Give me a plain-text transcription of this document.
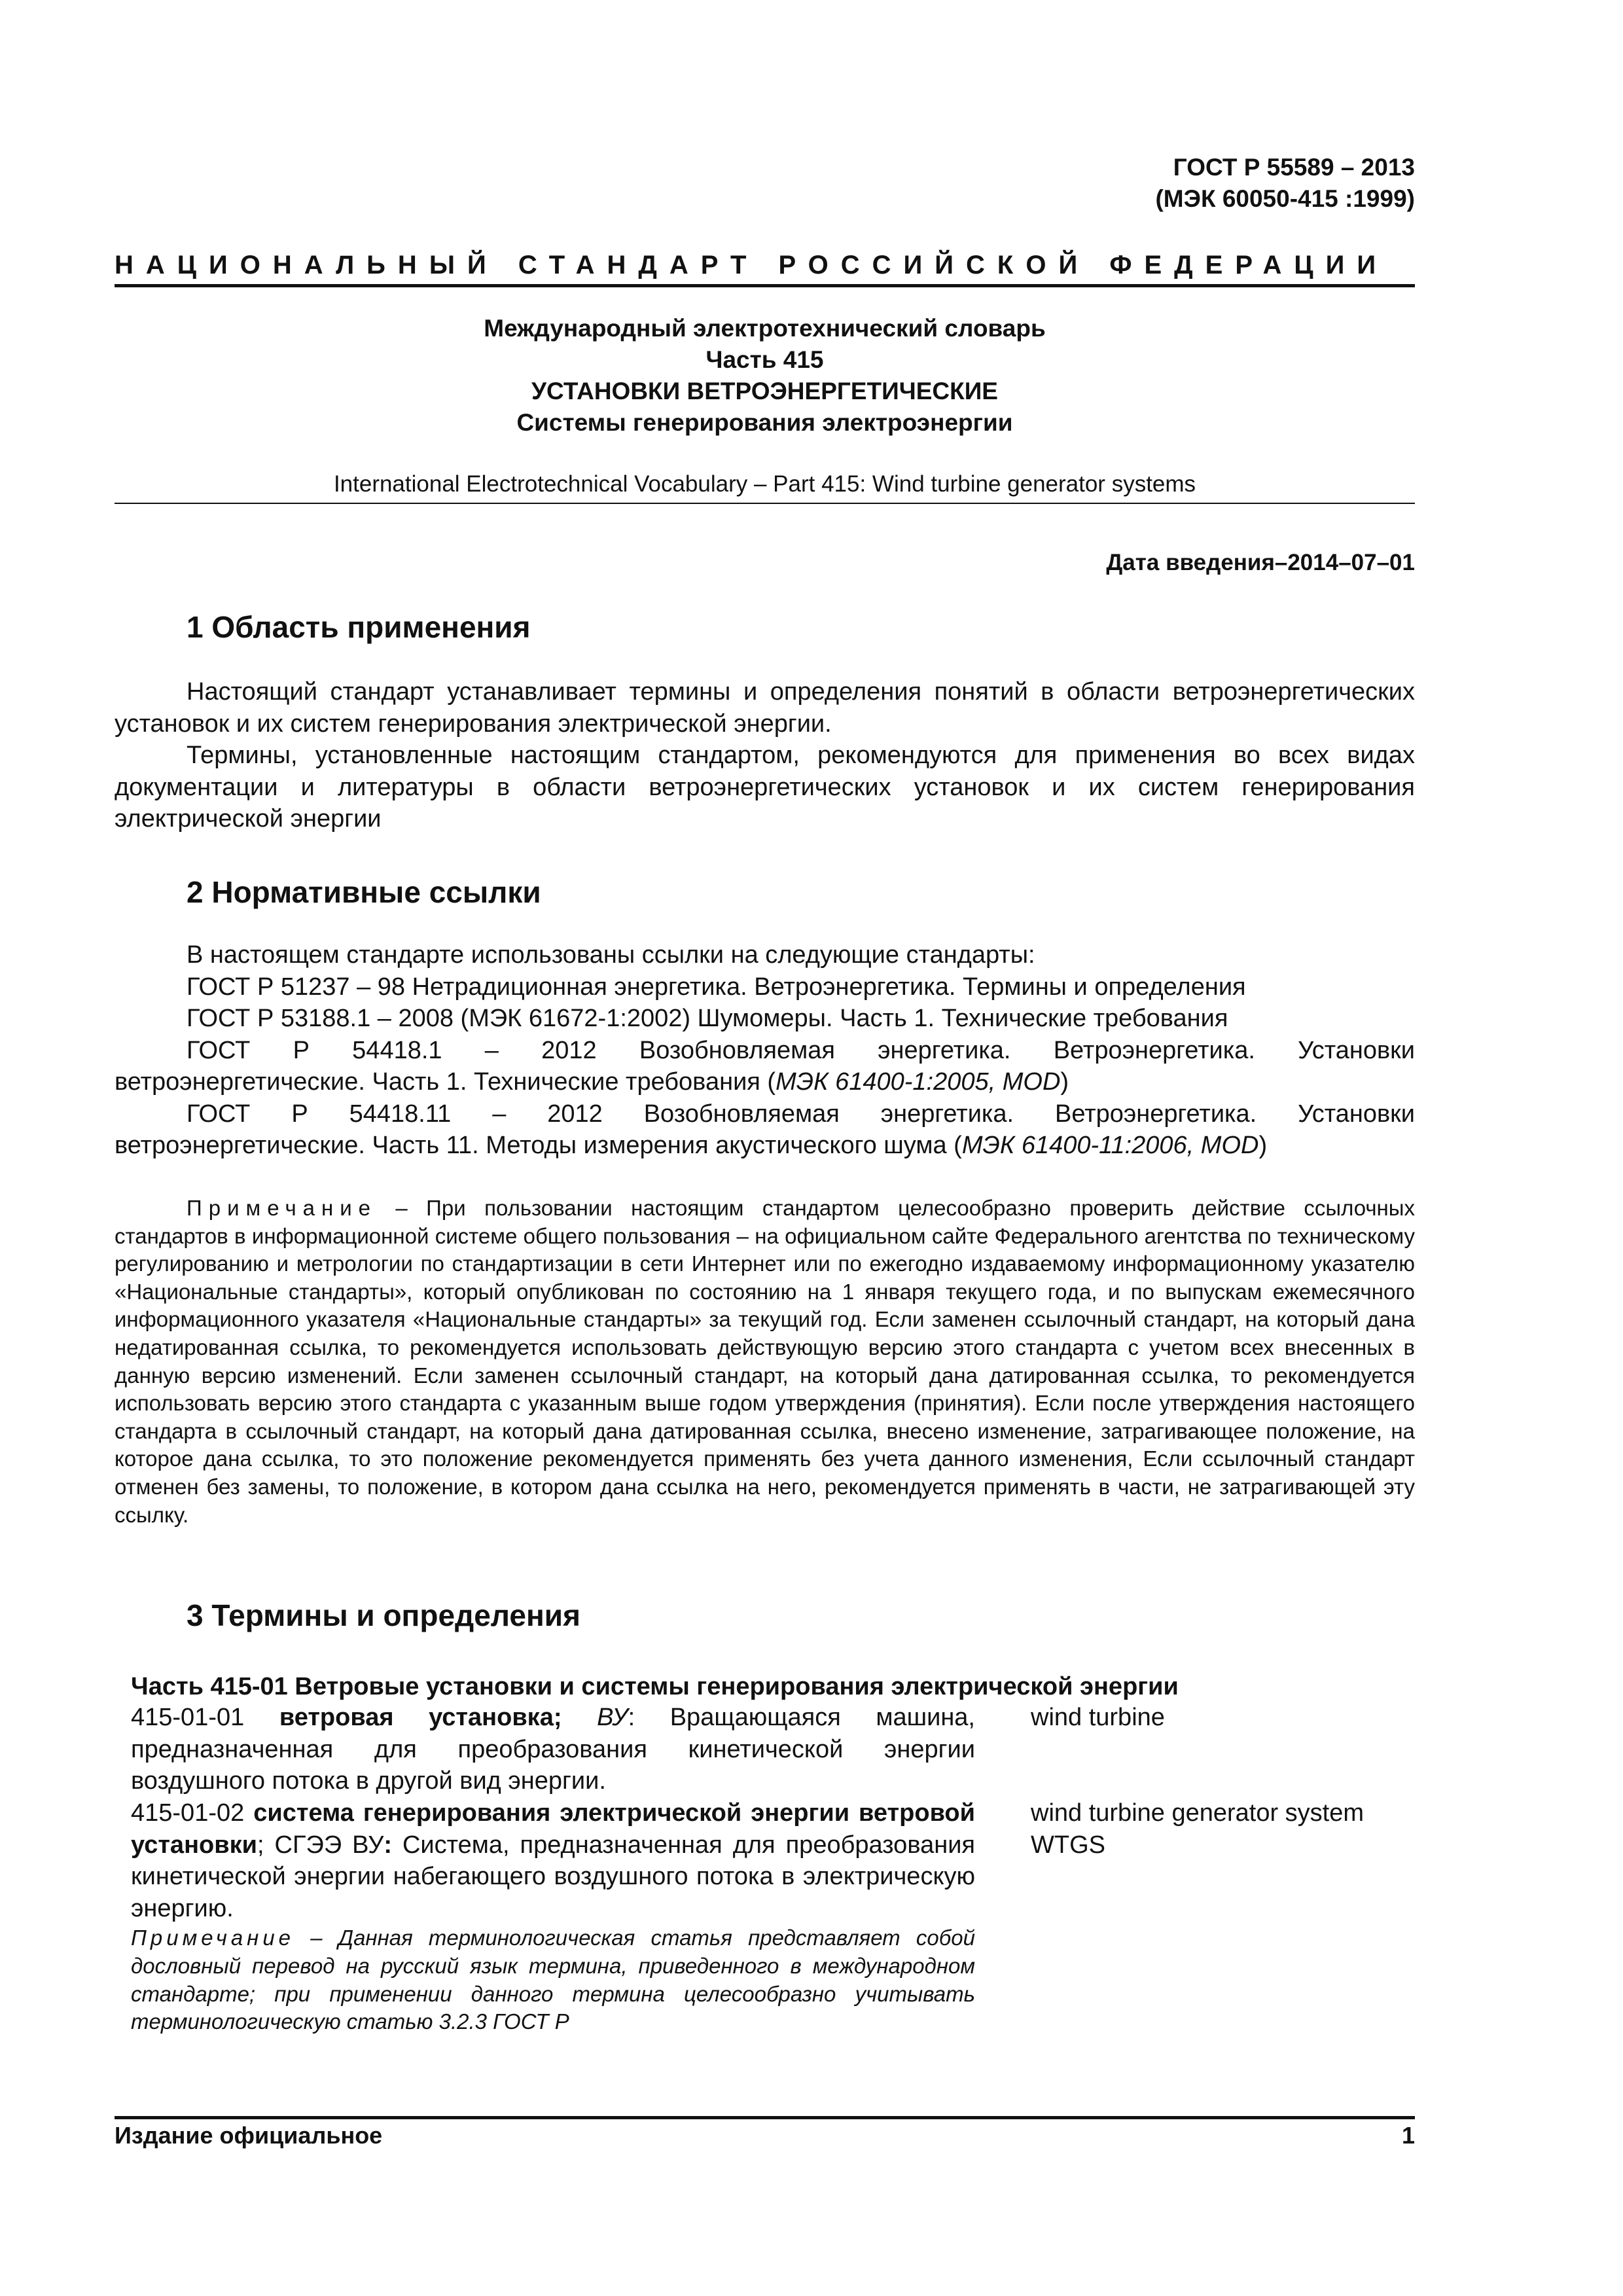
ГОСТ Р 55589 – 2013
(МЭК 60050-415 :1999)
НАЦИОНАЛЬНЫЙ СТАНДАРТ РОССИЙСКОЙ ФЕДЕРАЦИИ
Международный электротехнический словарь
Часть 415
УСТАНОВКИ ВЕТРОЭНЕРГЕТИЧЕСКИЕ
Системы генерирования электроэнергии
International Electrotechnical Vocabulary – Part 415: Wind turbine generator systems
Дата введения–2014–07–01
1 Область применения

Настоящий стандарт устанавливает термины и определения понятий в области ветроэнергетических установок и их систем генерирования электрической энергии.

Термины, установленные настоящим стандартом, рекомендуются для применения во всех видах документации и литературы в области ветроэнергетических установок и их систем генерирования электрической энергии

2 Нормативные ссылки

В настоящем стандарте использованы ссылки на следующие стандарты:

ГОСТ Р 51237 – 98 Нетрадиционная энергетика. Ветроэнергетика. Термины и определения

ГОСТ Р 53188.1 – 2008 (МЭК 61672-1:2002) Шумомеры. Часть 1. Технические требования

ГОСТ Р 54418.1 – 2012 Возобновляемая энергетика. Ветроэнергетика. Установки

ветроэнергетические. Часть 1. Технические требования (МЭК 61400-1:2005, MOD)

ГОСТ Р 54418.11 – 2012 Возобновляемая энергетика. Ветроэнергетика. Установки

ветроэнергетические. Часть 11. Методы измерения акустического шума (МЭК 61400-11:2006, MOD)

Примечание – При пользовании настоящим стандартом целесообразно проверить действие ссылочных стандартов в информационной системе общего пользования – на официальном сайте Федерального агентства по техническому регулированию и метрологии по стандартизации в сети Интернет или по ежегодно издаваемому информационному указателю «Национальные стандарты», который опубликован по состоянию на 1 января текущего года, и по выпускам ежемесячного информационного указателя «Национальные стандарты» за текущий год. Если заменен ссылочный стандарт, на который дана недатированная ссылка, то рекомендуется использовать действующую версию этого стандарта с учетом всех внесенных в данную версию изменений. Если заменен ссылочный стандарт, на который дана датированная ссылка, то рекомендуется использовать версию этого стандарта с указанным выше годом утверждения (принятия). Если после утверждения настоящего стандарта в ссылочный стандарт, на который дана датированная ссылка, внесено изменение, затрагивающее положение, на которое дана ссылка, то это положение рекомендуется применять без учета данного изменения, Если ссылочный стандарт отменен без замены, то положение, в котором дана ссылка на него, рекомендуется применять в части, не затрагивающей эту ссылку.
3 Термины и определения
Часть 415-01 Ветровые установки и системы генерирования электрической энергии

415-01-01 ветровая установка; ВУ: Вращающаяся машина, предназначенная для преобразования кинетической энергии воздушного потока в другой вид энергии.

wind turbine

415-01-02 система генерирования электрической энергии ветровой установки; СГЭЭ ВУ: Система, предназначенная для преобразования кинетической энергии набегающего воздушного потока в электрическую энергию.

wind turbine generator system
WTGS
Примечание – Данная терминологическая статья представляет собой дословный перевод на русский язык термина, приведенного в международном стандарте; при применении данного термина целесообразно учитывать терминологическую статью 3.2.3 ГОСТ Р
Издание официальное	1
